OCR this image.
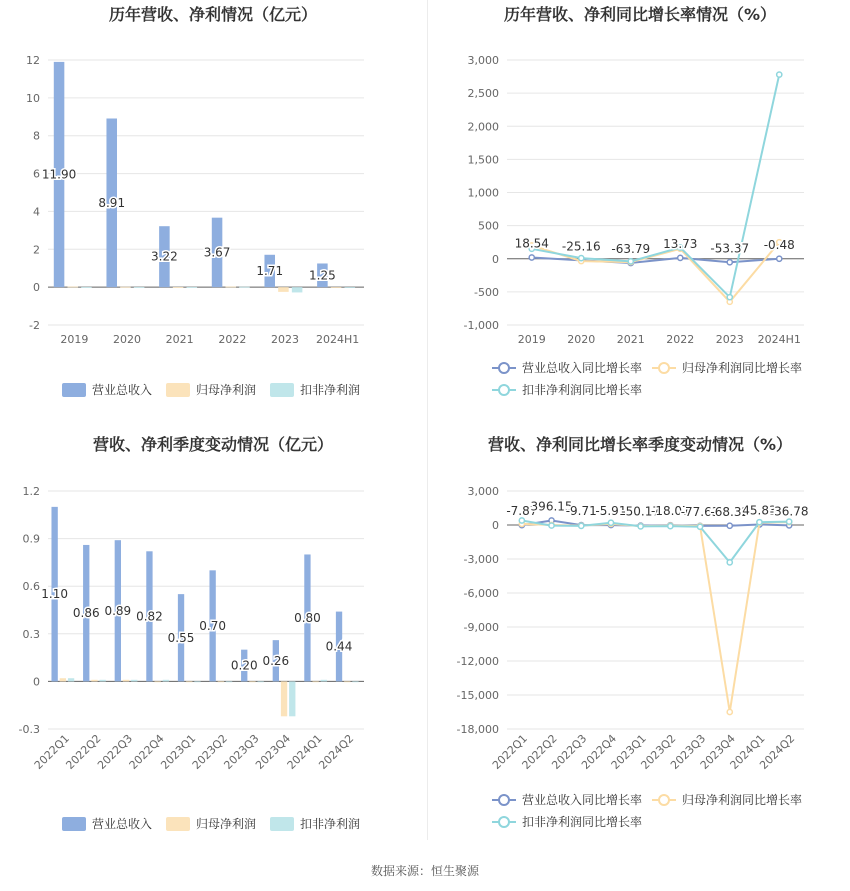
历年营收、净利情况（亿元）
-2
0
2
4
6
8
10
12
2019 2020 2021 2022 2023 2024H1
11.90
8.91
3.22 3.67
1.71 1.25
营业总收入	归母净利润	扣非净利润
历年营收、净利同比增长率情况（%）
-1,000
-500
0
500
1,000
1,500
2,000
2,500
3,000
2019 2020 2021 2022 2023 2024H1
18.54 -25.16 -63.79 13.73 -53.37 -0.48
营业总收入同比增长率	归母净利润同比增长率
扣非净利润同比增长率
营收、净利季度变动情况（亿元）
-0.3
0
0.3
0.6
0.9
1.2
2022Q1
2022Q2
2022Q3
2022Q4
2023Q1
2023Q2
2023Q3
2023Q4
2024Q1
2024Q2
1.10
0.86 0.89 0.82
0.55
0.70
0.20 0.26
0.80
0.44
营业总收入	归母净利润	扣非净利润
营收、净利同比增长率季度变动情况（%）
-18,000
-15,000
-12,000
-9,000
-6,000
-3,000
0
3,000
2022Q1
2022Q2
2022Q3
2022Q4
2023Q1
2023Q2
2023Q3
2023Q4
2024Q1
2024Q2
-7.87
396.15
-9.71
-5.91
-50.17
-18.07
-77.63
-68.32
45.83
-36.78
营业总收入同比增长率	归母净利润同比增长率
扣非净利润同比增长率
数据来源：恒生聚源
